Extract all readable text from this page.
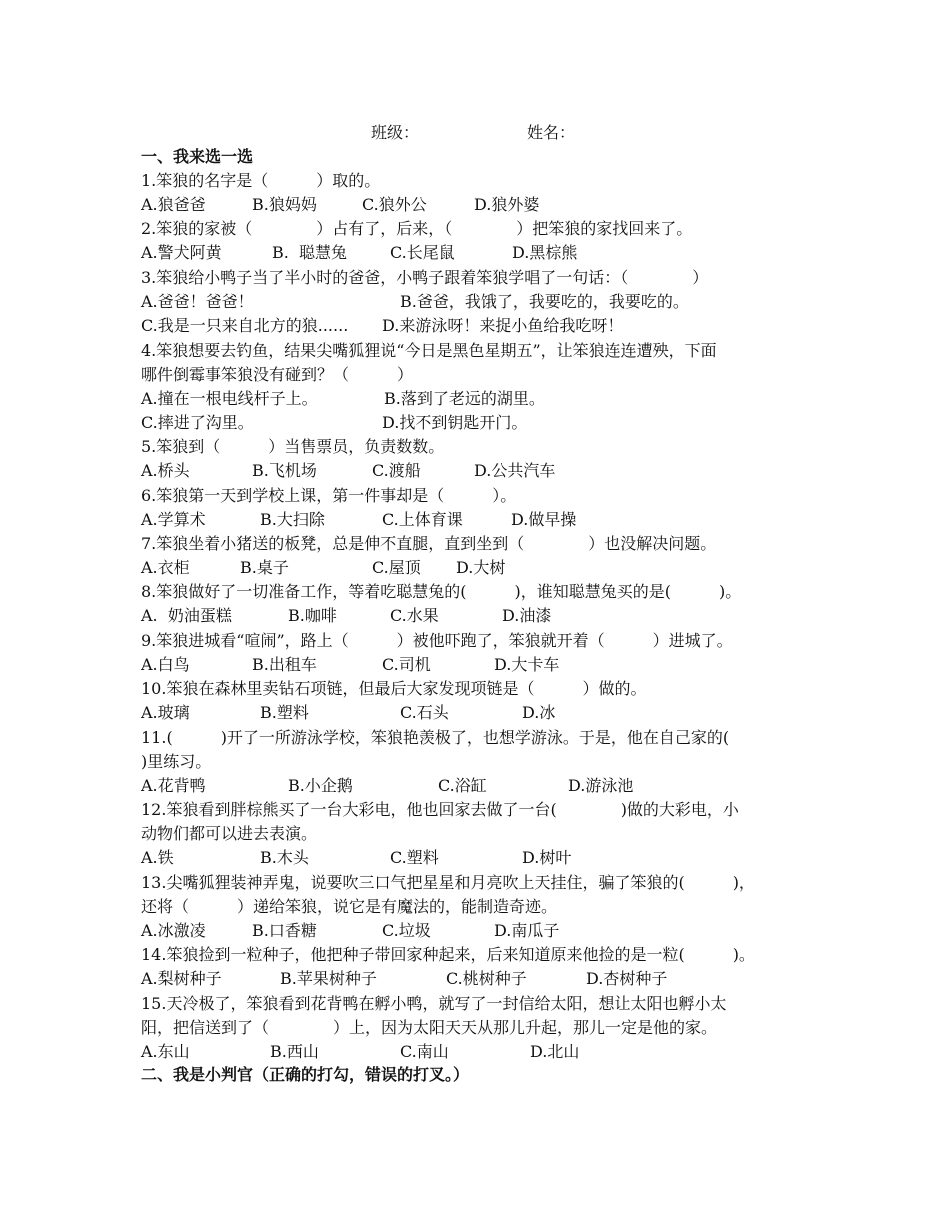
班级：	姓名：
一、我来选一选
1.笨狼的名字是（　　　）取的。
A.狼爸爸	B.狼妈妈	C.狼外公	D.狼外婆
2.笨狼的家被（　　　　）占有了，后来，（　　　　）把笨狼的家找回来了。
A.警犬阿黄	B.  聪慧兔	C.长尾鼠	D.黑棕熊
3.笨狼给小鸭子当了半小时的爸爸，小鸭子跟着笨狼学唱了一句话：（　　　　）
A.爸爸！爸爸！	B.爸爸，我饿了，我要吃的，我要吃的。
C.我是一只来自北方的狼...... D.来游泳呀！来捉小鱼给我吃呀！
4.笨狼想要去钓鱼，结果尖嘴狐狸说“今日是黑色星期五”，让笨狼连连遭殃，下面
哪件倒霉事笨狼没有碰到？（　　　）
A.撞在一根电线杆子上。	B.落到了老远的湖里。
C.摔进了沟里。	D.找不到钥匙开门。
5.笨狼到（　　　）当售票员，负责数数。
A.桥头	B.飞机场	C.渡船	D.公共汽车
6.笨狼第一天到学校上课，第一件事却是（　　　）。
A.学算术	B.大扫除	C.上体育课	D.做早操
7.笨狼坐着小猪送的板凳，总是伸不直腿，直到坐到（　　　　）也没解决问题。
A.衣柜	B.桌子	C.屋顶 D.大树
8.笨狼做好了一切准备工作，等着吃聪慧兔的(　　　)，谁知聪慧兔买的是(　　　)。
A.  奶油蛋糕	B.咖啡	C.水果	D.油漆
9.笨狼进城看“喧闹”，路上（　　　）被他吓跑了，笨狼就开着（　　　）进城了。
A.白鸟	B.出租车	C.司机	D.大卡车
10.笨狼在森林里卖钻石项链，但最后大家发现项链是（　　　）做的。
A.玻璃	B.塑料	C.石头	D.冰
11.(　　　)开了一所游泳学校，笨狼艳羡极了，也想学游泳。于是，他在自己家的(
)里练习。
A.花背鸭	B.小企鹅	C.浴缸	D.游泳池
12.笨狼看到胖棕熊买了一台大彩电，他也回家去做了一台(　　　　)做的大彩电，小
动物们都可以进去表演。
A.铁	B.木头	C.塑料	D.树叶
13.尖嘴狐狸装神弄鬼，说要吹三口气把星星和月亮吹上天挂住，骗了笨狼的(　　　)，
还将（　　　）递给笨狼，说它是有魔法的，能制造奇迹。
A.冰激凌	B.口香糖	C.垃圾	D.南瓜子
14.笨狼捡到一粒种子，他把种子带回家种起来，后来知道原来他捡的是一粒(　　　)。
A.梨树种子	B.苹果树种子	C.桃树种子	D.杏树种子
15.天冷极了，笨狼看到花背鸭在孵小鸭，就写了一封信给太阳，想让太阳也孵小太
阳，把信送到了（　　　　）上，因为太阳天天从那儿升起，那儿一定是他的家。
A.东山	B.西山	C.南山	D.北山
二、我是小判官（正确的打勾，错误的打叉。）
